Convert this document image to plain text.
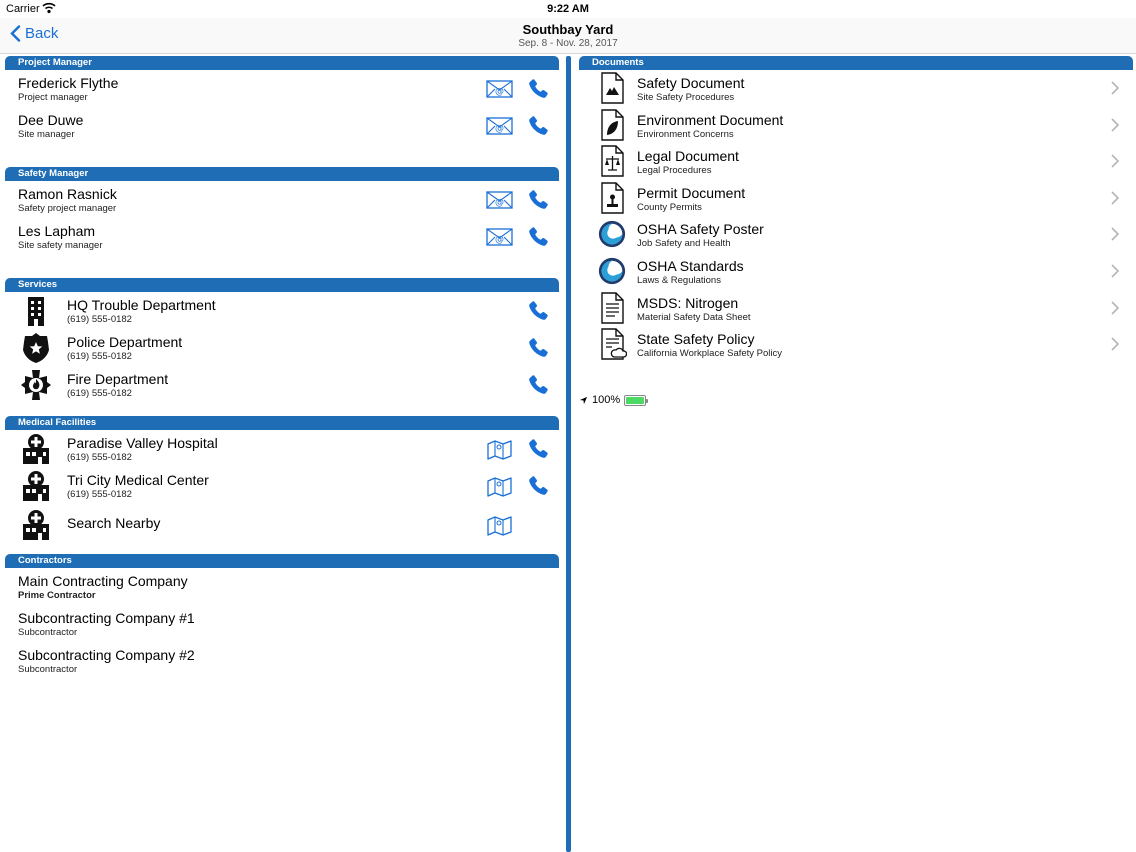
Carrier	9:22 AM
100%
Back	Southbay Yard
Sep. 8 - Nov. 28, 2017
Project Manager
Frederick Flythe
Project manager
Dee Duwe
Site manager
Safety Manager
Ramon Rasnick
Safety project manager
Les Lapham
Site safety manager
Services
HQ Trouble Department
(619) 555-0182
Police Department
(619) 555-0182
Fire Department
(619) 555-0182
Medical Facilities
Paradise Valley Hospital
(619) 555-0182
Tri City Medical Center
(619) 555-0182
Search Nearby
Contractors
Main Contracting Company
Prime Contractor
Subcontracting Company #1
Subcontractor
Subcontracting Company #2
Subcontractor
Documents
Safety Document
Site Safety Procedures
Environment Document
Environment Concerns
Legal Document
Legal Procedures
Permit Document
County Permits
OSHA Safety Poster
Job Safety and Health
OSHA Standards
Laws & Regulations
MSDS: Nitrogen
Material Safety Data Sheet
State Safety Policy
California Workplace Safety Policy
